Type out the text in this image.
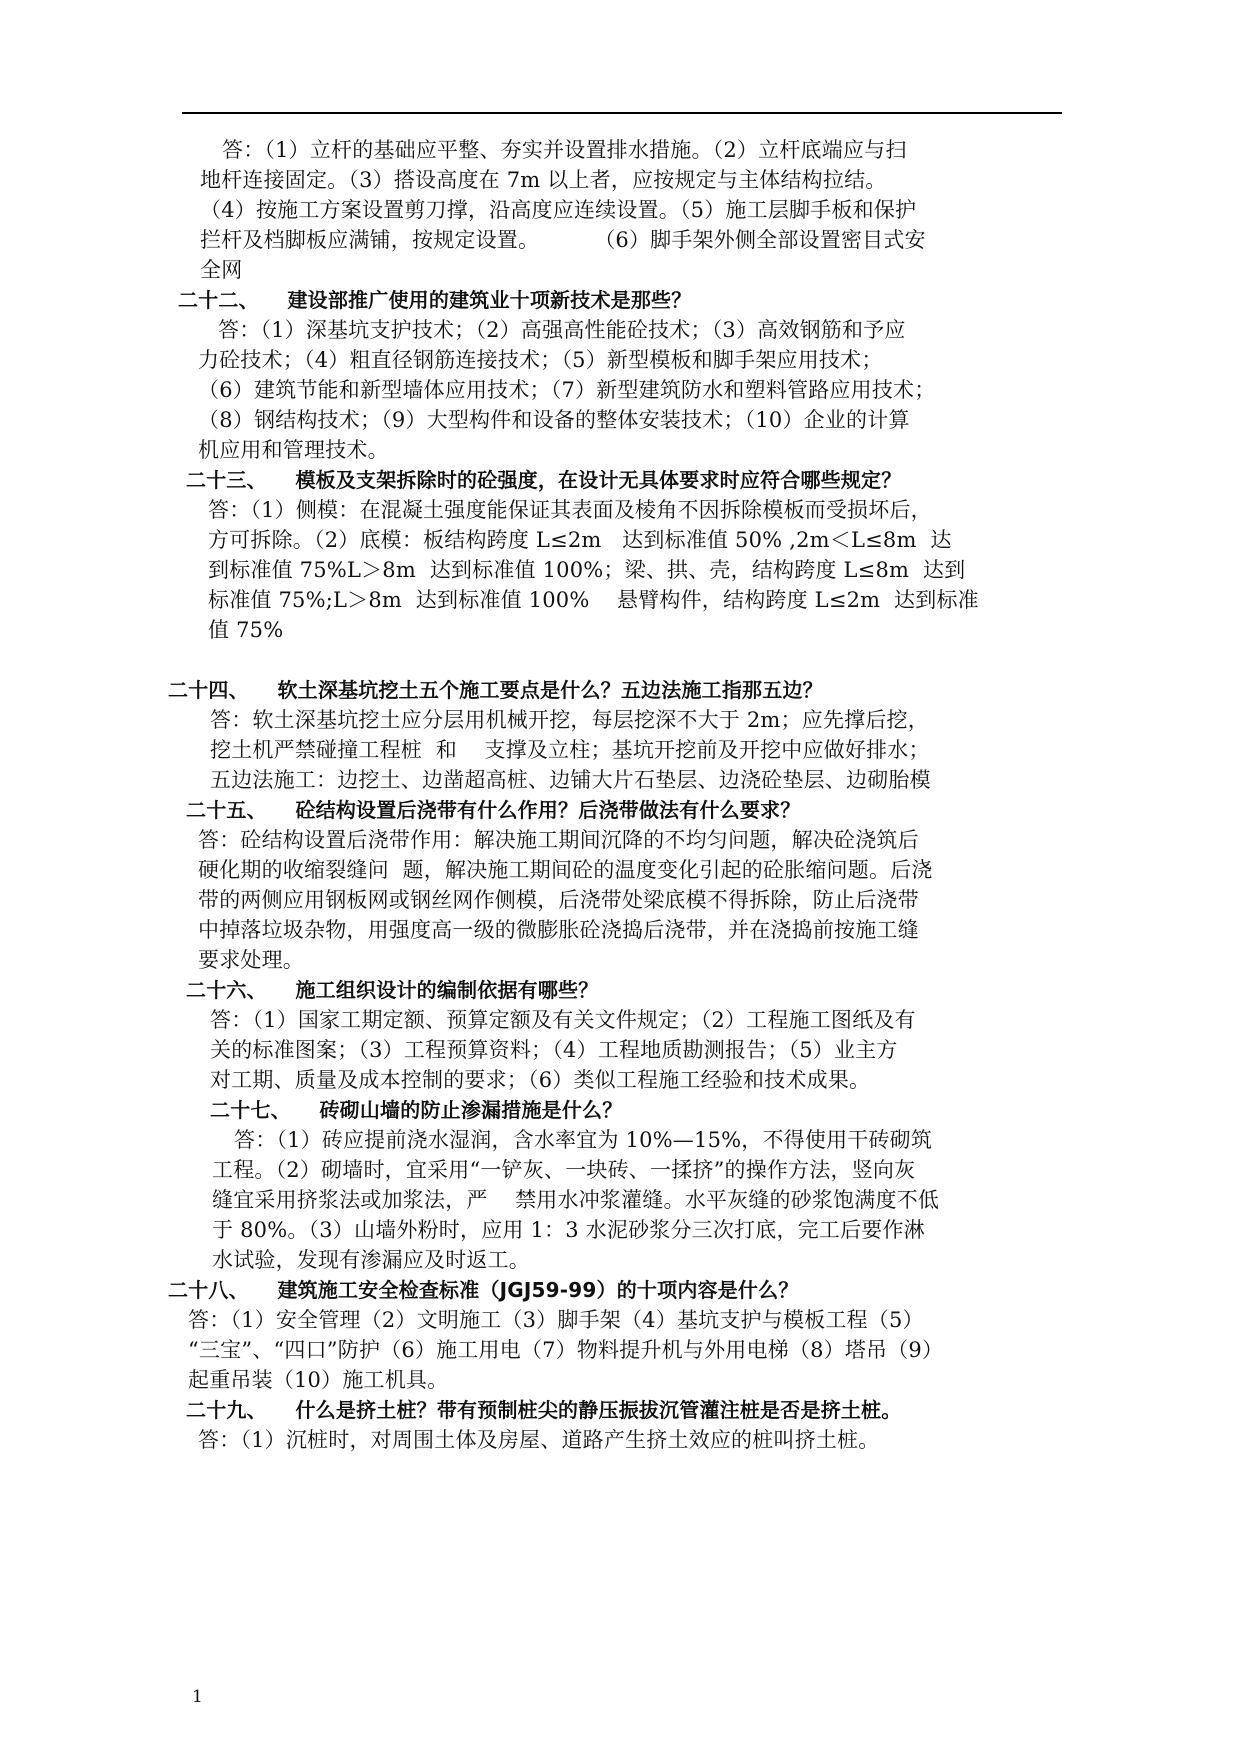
答：（1）立杆的基础应平整、夯实并设置排水措施。（2）立杆底端应与扫
地杆连接固定。（3）搭设高度在 7m 以上者，应按规定与主体结构拉结。
（4）按施工方案设置剪刀撑，沿高度应连续设置。（5）施工层脚手板和保护
拦杆及档脚板应满铺，按规定设置。        （6）脚手架外侧全部设置密目式安
全网
二十二、    建设部推广使用的建筑业十项新技术是那些？
答：（1）深基坑支护技术；（2）高强高性能砼技术；（3）高效钢筋和予应
力砼技术；（4）粗直径钢筋连接技术；（5）新型模板和脚手架应用技术；
（6）建筑节能和新型墙体应用技术；（7）新型建筑防水和塑料管路应用技术；
（8）钢结构技术；（9）大型构件和设备的整体安装技术；（10）企业的计算
机应用和管理技术。
二十三、    模板及支架拆除时的砼强度，在设计无具体要求时应符合哪些规定？
答：（1）侧模：在混凝土强度能保证其表面及棱角不因拆除模板而受损坏后，
方可拆除。（2）底模：板结构跨度 L≤2m   达到标准值 50% ,2m＜L≤8m  达
到标准值 75%L＞8m  达到标准值 100%；梁、拱、壳，结构跨度 L≤8m  达到
标准值 75%;L＞8m  达到标准值 100%    悬臂构件，结构跨度 L≤2m  达到标准
值 75%
二十四、    软土深基坑挖土五个施工要点是什么？五边法施工指那五边？
答：软土深基坑挖土应分层用机械开挖，每层挖深不大于 2m；应先撑后挖，
挖土机严禁碰撞工程桩  和    支撑及立柱；基坑开挖前及开挖中应做好排水；
五边法施工：边挖土、边凿超高桩、边铺大片石垫层、边浇砼垫层、边砌胎模
二十五、    砼结构设置后浇带有什么作用？后浇带做法有什么要求？
答：砼结构设置后浇带作用：解决施工期间沉降的不均匀问题，解决砼浇筑后
硬化期的收缩裂缝问  题，解决施工期间砼的温度变化引起的砼胀缩问题。后浇
带的两侧应用钢板网或钢丝网作侧模，后浇带处梁底模不得拆除，防止后浇带
中掉落垃圾杂物，用强度高一级的微膨胀砼浇捣后浇带，并在浇捣前按施工缝
要求处理。
二十六、    施工组织设计的编制依据有哪些？
答：（1）国家工期定额、预算定额及有关文件规定；（2）工程施工图纸及有
关的标准图案；（3）工程预算资料；（4）工程地质勘测报告；（5）业主方
对工期、质量及成本控制的要求；（6）类似工程施工经验和技术成果。
二十七、    砖砌山墙的防止渗漏措施是什么？
答：（1）砖应提前浇水湿润，含水率宜为 10%—15%，不得使用干砖砌筑
工程。（2）砌墙时，宜采用“一铲灰、一块砖、一揉挤”的操作方法，竖向灰
缝宜采用挤浆法或加浆法，严    禁用水冲浆灌缝。水平灰缝的砂浆饱满度不低
于 80%。（3）山墙外粉时，应用 1：3 水泥砂浆分三次打底，完工后要作淋
水试验，发现有渗漏应及时返工。
二十八、    建筑施工安全检查标准（JGJ59-99）的十项内容是什么？
答：（1）安全管理（2）文明施工（3）脚手架（4）基坑支护与模板工程（5）
“三宝”、“四口”防护（6）施工用电（7）物料提升机与外用电梯（8）塔吊（9）
起重吊装（10）施工机具。
二十九、    什么是挤土桩？带有预制桩尖的静压振拔沉管灌注桩是否是挤土桩。
答：（1）沉桩时，对周围土体及房屋、道路产生挤土效应的桩叫挤土桩。
1
